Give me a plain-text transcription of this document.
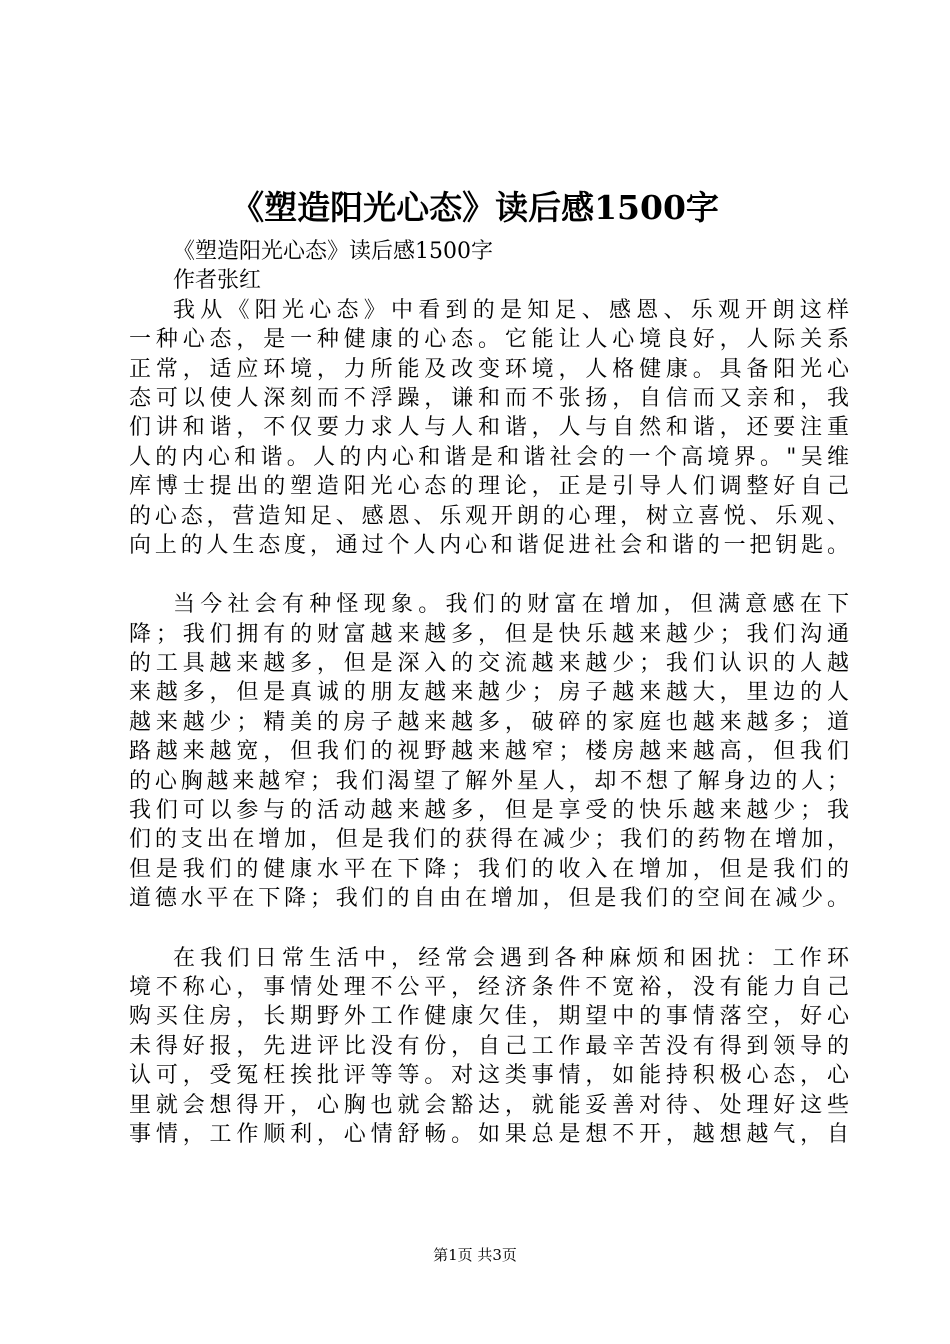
《塑造阳光心态》读后感1500字
《塑造阳光心态》读后感1500字
作者张红
我从《阳光心态》中看到的是知足、感恩、乐观开朗这样
一种心态，是一种健康的心态。它能让人心境良好，人际关系
正常，适应环境，力所能及改变环境，人格健康。具备阳光心
态可以使人深刻而不浮躁，谦和而不张扬，自信而又亲和，我
们讲和谐，不仅要力求人与人和谐，人与自然和谐，还要注重
人的内心和谐。人的内心和谐是和谐社会的一个高境界。"吴维
库博士提出的塑造阳光心态的理论，正是引导人们调整好自己
的心态，营造知足、感恩、乐观开朗的心理，树立喜悦、乐观、
向上的人生态度，通过个人内心和谐促进社会和谐的一把钥匙。
当今社会有种怪现象。我们的财富在增加，但满意感在下
降；我们拥有的财富越来越多，但是快乐越来越少；我们沟通
的工具越来越多，但是深入的交流越来越少；我们认识的人越
来越多，但是真诚的朋友越来越少；房子越来越大，里边的人
越来越少；精美的房子越来越多，破碎的家庭也越来越多；道
路越来越宽，但我们的视野越来越窄；楼房越来越高，但我们
的心胸越来越窄；我们渴望了解外星人，却不想了解身边的人；
我们可以参与的活动越来越多，但是享受的快乐越来越少；我
们的支出在增加，但是我们的获得在减少；我们的药物在增加，
但是我们的健康水平在下降；我们的收入在增加，但是我们的
道德水平在下降；我们的自由在增加，但是我们的空间在减少。
在我们日常生活中，经常会遇到各种麻烦和困扰：工作环
境不称心，事情处理不公平，经济条件不宽裕，没有能力自己
购买住房，长期野外工作健康欠佳，期望中的事情落空，好心
未得好报，先进评比没有份，自己工作最辛苦没有得到领导的
认可，受冤枉挨批评等等。对这类事情，如能持积极心态，心
里就会想得开，心胸也就会豁达，就能妥善对待、处理好这些
事情，工作顺利，心情舒畅。如果总是想不开，越想越气，自
第1页 共3页
